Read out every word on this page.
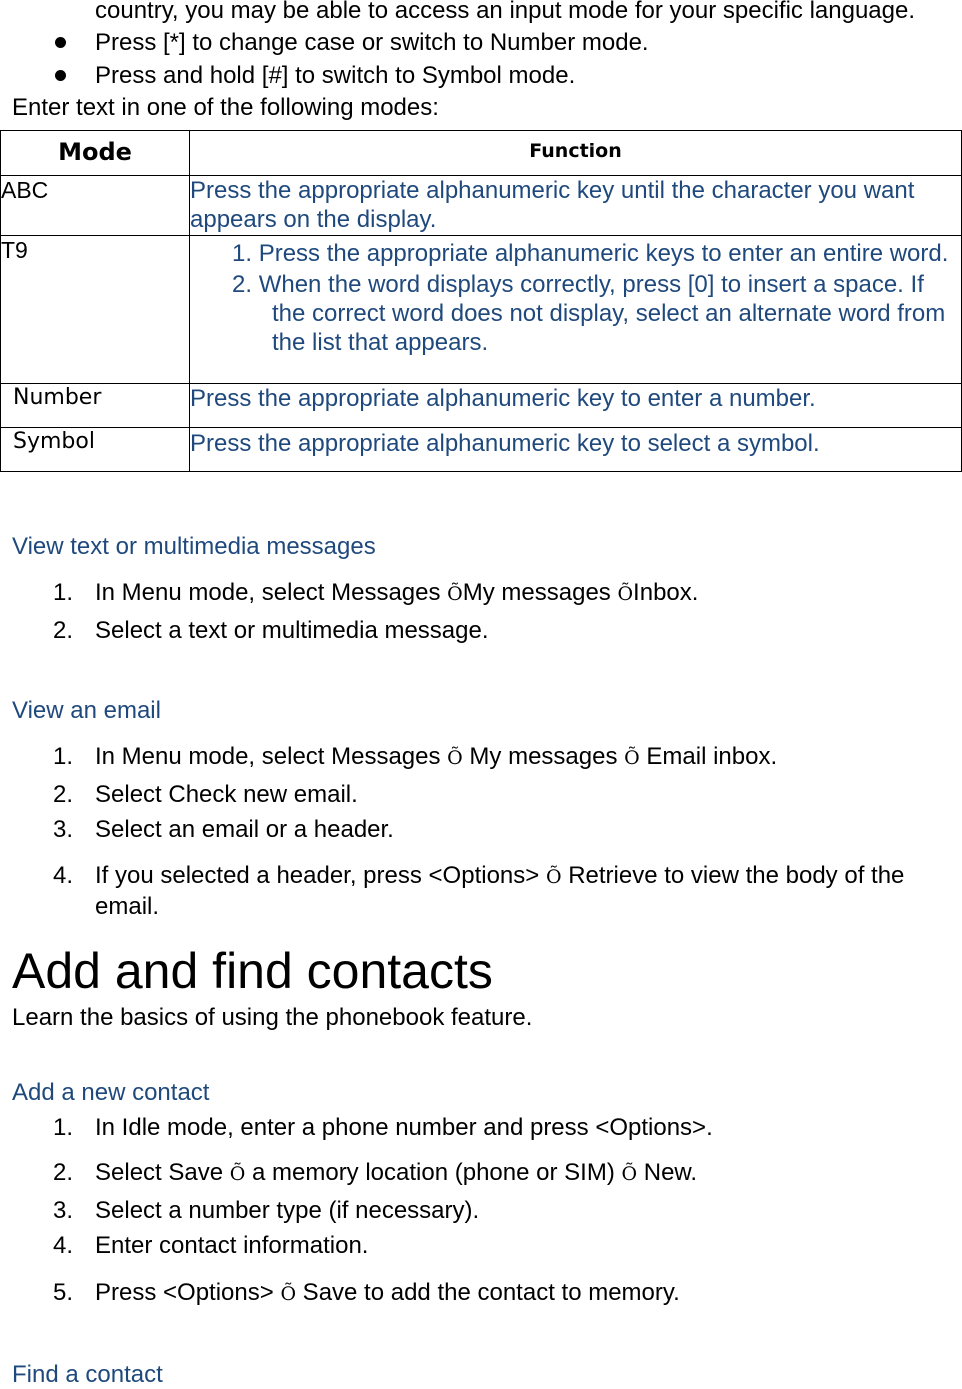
country, you may be able to access an input mode for your specific language.
Press [*] to change case or switch to Number mode.
Press and hold [#] to switch to Symbol mode.
Enter text in one of the following modes:
Mode	Function
ABC	Press the appropriate alphanumeric key until the character you want appears on the display.
T9	1. Press the appropriate alphanumeric keys to enter an entire word.
2. When the word displays correctly, press [0] to insert a space. If the correct word does not display, select an alternate word from the list that appears.

Number	Press the appropriate alphanumeric key to enter a number.
Symbol	Press the appropriate alphanumeric key to select a symbol.
View text or multimedia messages
1. In Menu mode, select Messages ÕMy messages ÕInbox.
2. Select a text or multimedia message.
View an email
1. In Menu mode, select Messages Õ My messages Õ Email inbox.
2. Select Check new email.
3. Select an email or a header.
4. If you selected a header, press <Options> Õ Retrieve to view the body of the
email.
Add and find contacts
Learn the basics of using the phonebook feature.
Add a new contact
1. In Idle mode, enter a phone number and press <Options>.
2. Select Save Õ a memory location (phone or SIM) Õ New.
3. Select a number type (if necessary).
4. Enter contact information.
5. Press <Options> Õ Save to add the contact to memory.
Find a contact
